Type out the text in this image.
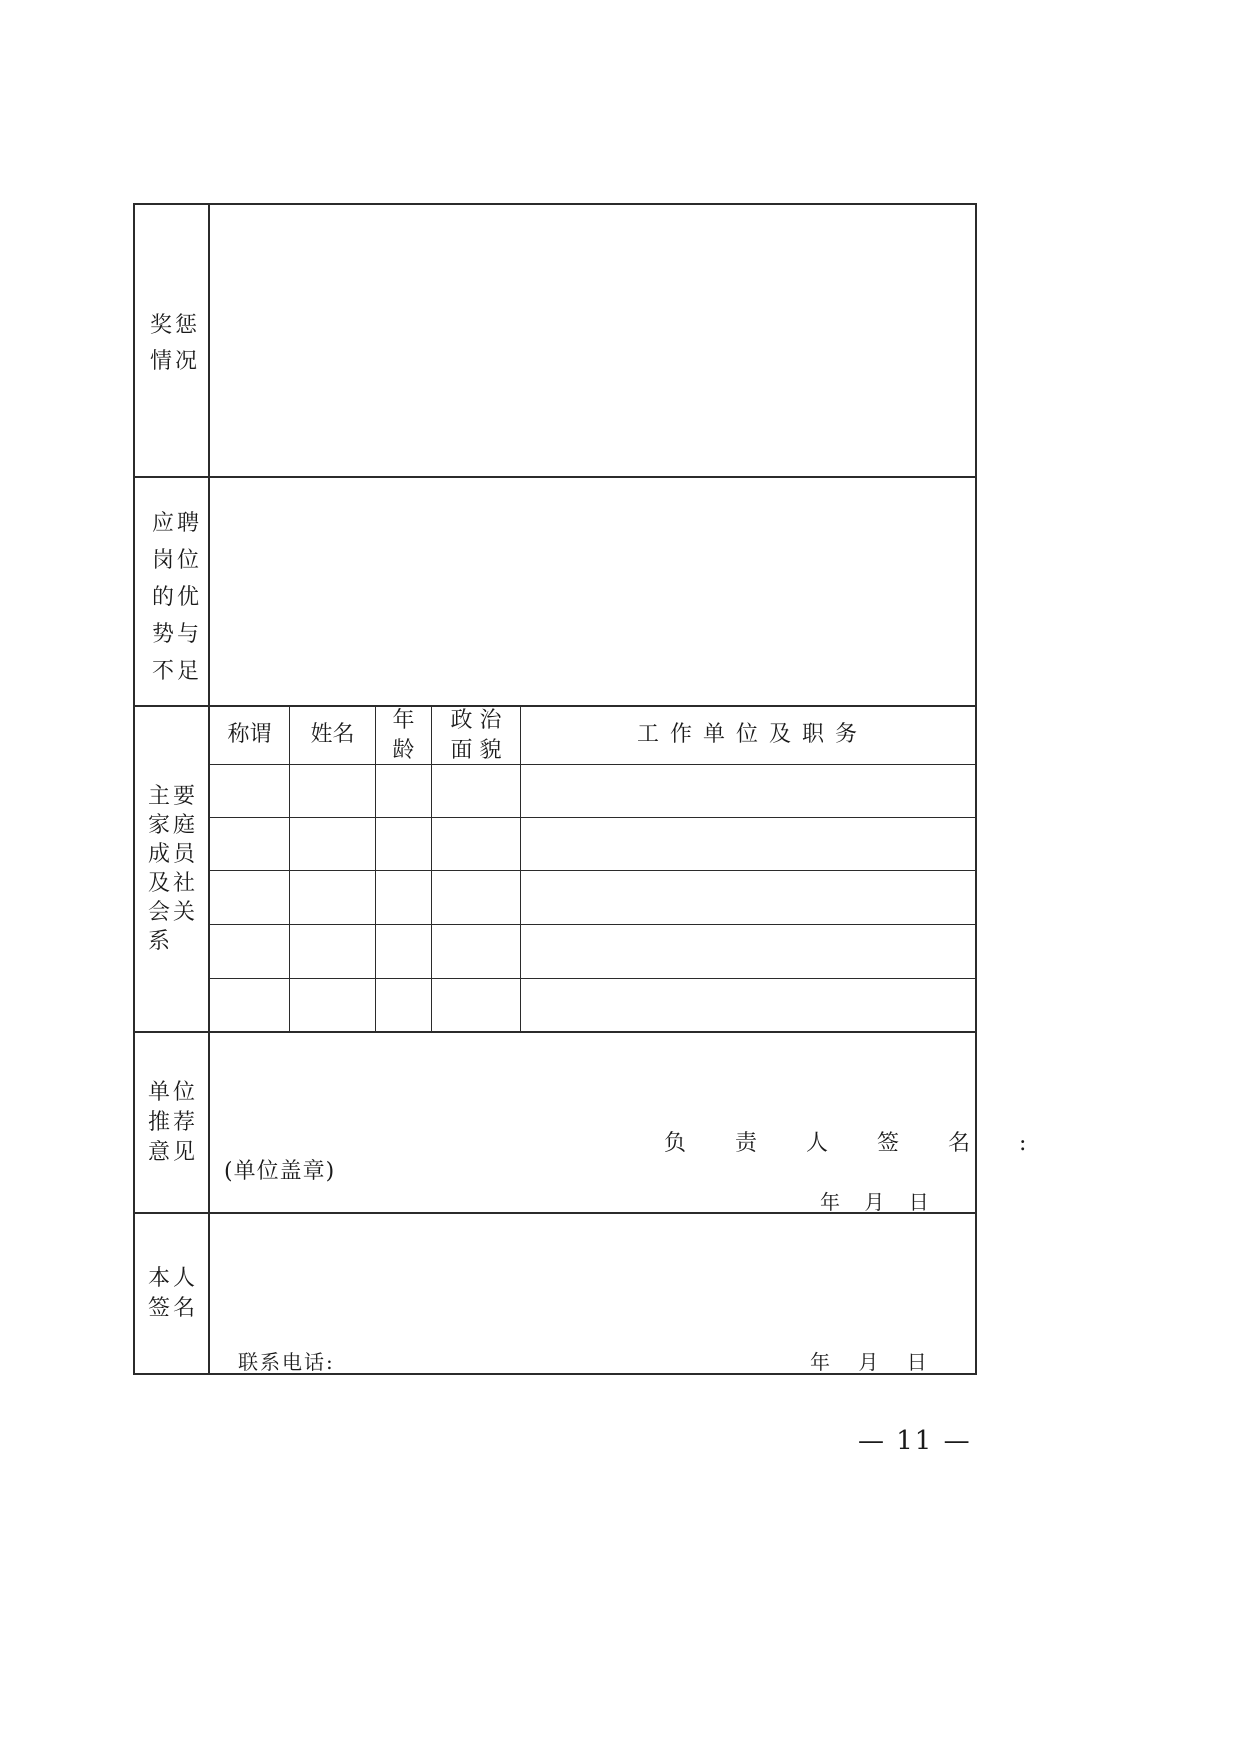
奖惩
情况
应聘
岗位
的优
势与
不足
主要
家庭
成员
及社
会关
系
单位
推荐
意见
本人
签名
称谓	姓名
年
龄
政 治
面 貌
工 作 单 位 及 职 务
负 责 人 签 名 :
(单位盖章)
年 月 日
联系电话:	年 月 日
— 11 —
